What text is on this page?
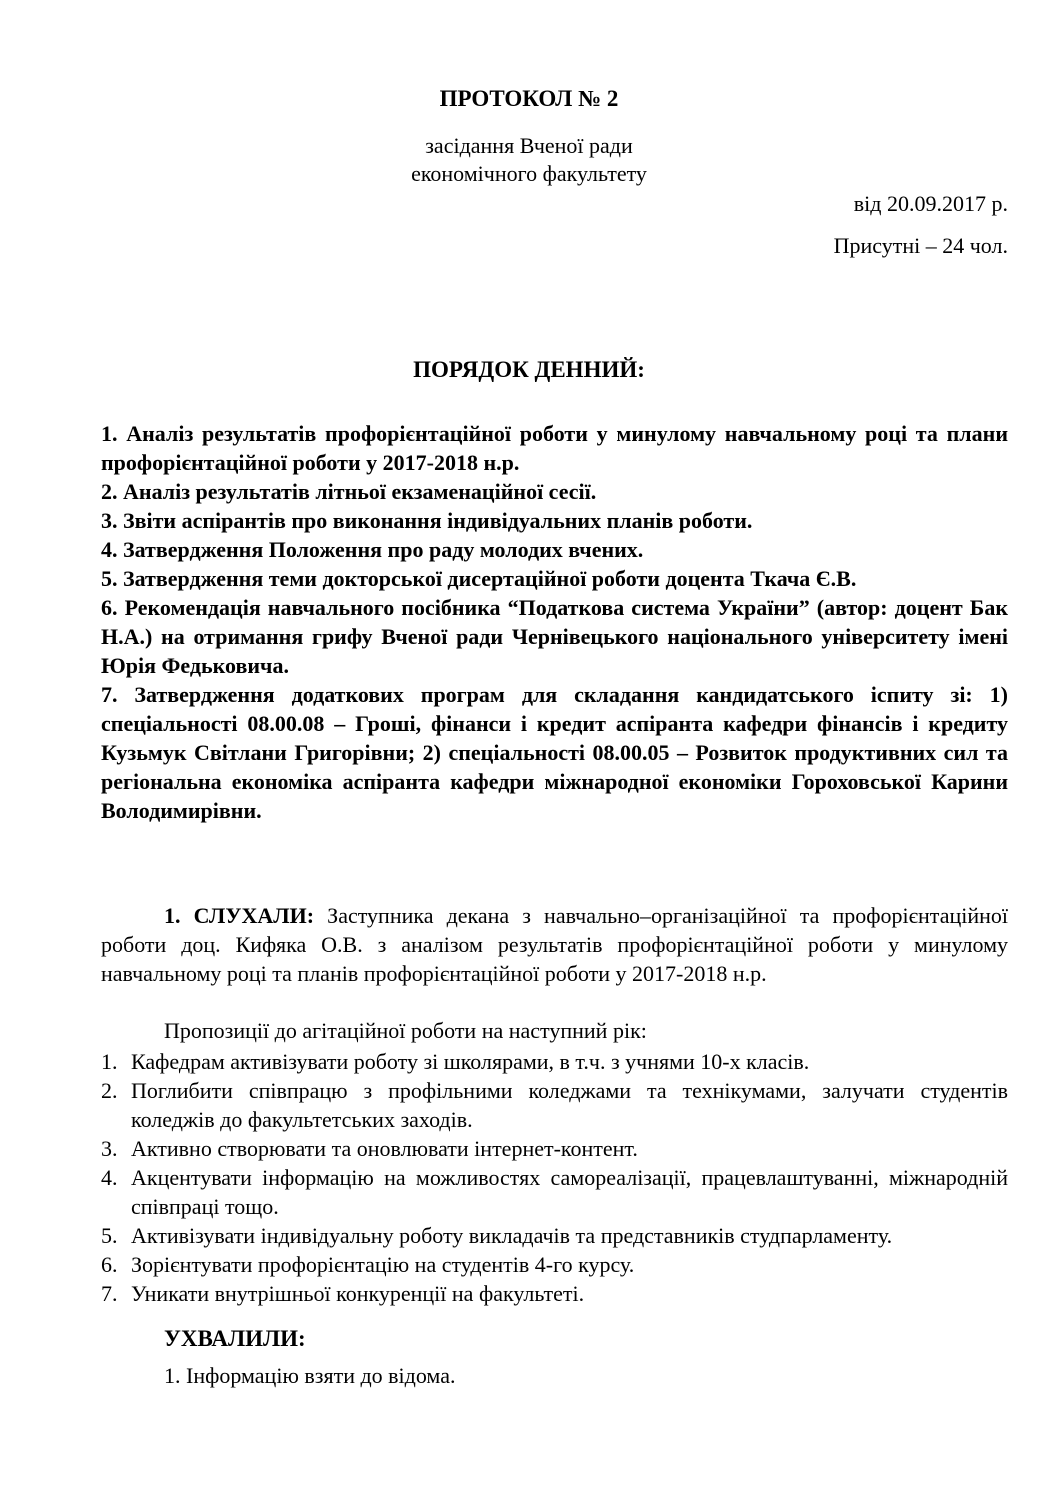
ПРОТОКОЛ № 2

засідання Вченої ради

економічного факультету

від 20.09.2017 р.

Присутні – 24 чол.

ПОРЯДОК ДЕННИЙ:

1. Аналіз результатів профорієнтаційної роботи у минулому навчальному році та плани профорієнтаційної роботи у 2017-2018 н.р.

2. Аналіз результатів літньої екзаменаційної сесії.

3. Звіти аспірантів про виконання індивідуальних планів роботи.

4. Затвердження Положення про раду молодих вчених.

5. Затвердження теми докторської дисертаційної роботи доцента Ткача Є.В.

6. Рекомендація навчального посібника “Податкова система України” (автор: доцент Бак Н.А.) на отримання грифу Вченої ради Чернівецького національного університету імені Юрія Федьковича.

7. Затвердження додаткових програм для складання кандидатського іспиту зі: 1) спеціальності 08.00.08 – Гроші, фінанси і кредит аспіранта кафедри фінансів і кредиту Кузьмук Світлани Григорівни; 2) спеціальності 08.00.05 – Розвиток продуктивних сил та регіональна економіка аспіранта кафедри міжнародної економіки Гороховської Карини Володимирівни.

1. СЛУХАЛИ: Заступника декана з навчально–організаційної та профорієнтаційної роботи доц. Кифяка О.В. з аналізом результатів профорієнтаційної роботи у минулому навчальному році та планів профорієнтаційної роботи у 2017-2018 н.р.

Пропозиції до агітаційної роботи на наступний рік:

1. Кафедрам активізувати роботу зі школярами, в т.ч. з учнями 10-х класів.
2. Поглибити співпрацю з профільними коледжами та технікумами, залучати студентів коледжів до факультетських заходів.
3. Активно створювати та оновлювати інтернет-контент.
4. Акцентувати інформацію на можливостях самореалізації, працевлаштуванні, міжнародній співпраці тощо.
5. Активізувати індивідуальну роботу викладачів та представників студпарламенту.
6. Зорієнтувати профорієнтацію на студентів 4-го курсу.
7. Уникати внутрішньої конкуренції на факультеті.

УХВАЛИЛИ:

1. Інформацію взяти до відома.
